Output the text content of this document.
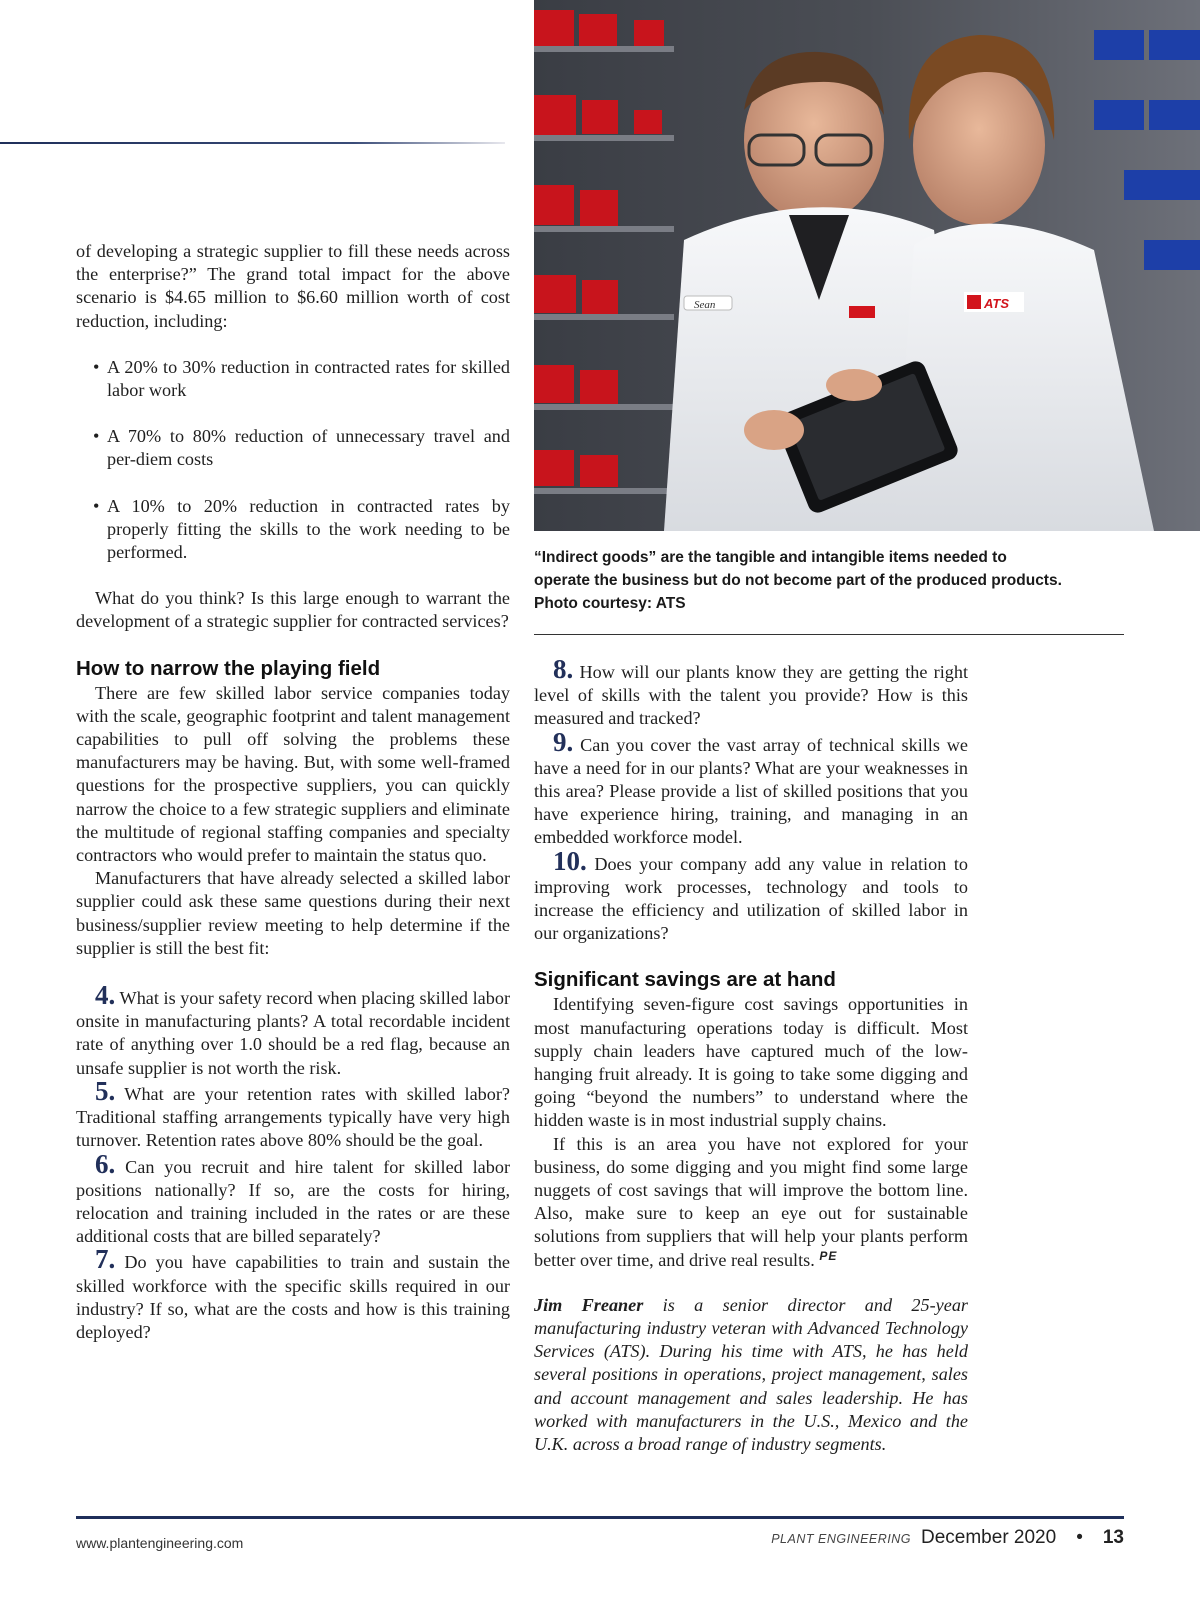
Sean	ATS
“Indirect goods” are the tangible and intangible items needed to
operate the business but do not become part of the produced products.
Photo courtesy: ATS

of developing a strategic supplier to fill these needs across the enterprise?” The grand total impact for the above scenario is $4.65 million to $6.60 million worth of cost reduction, including:

• A 20% to 30% reduction in contracted rates for skilled labor work
• A 70% to 80% reduction of unnecessary travel and per-diem costs
• A 10% to 20% reduction in contracted rates by properly fitting the skills to the work needing to be performed.

What do you think? Is this large enough to warrant the development of a strategic supplier for contracted services?

How to narrow the playing field

There are few skilled labor service companies today with the scale, geographic footprint and talent management capabilities to pull off solving the problems these manufacturers may be having. But, with some well-framed questions for the prospective suppliers, you can quickly narrow the choice to a few strategic suppliers and eliminate the multitude of regional staffing companies and specialty contractors who would prefer to maintain the status quo.

Manufacturers that have already selected a skilled labor supplier could ask these same questions during their next business/supplier review meeting to help determine if the supplier is still the best fit:

4. What is your safety record when placing skilled labor onsite in manufacturing plants? A total recordable incident rate of anything over 1.0 should be a red flag, because an unsafe supplier is not worth the risk.

5. What are your retention rates with skilled labor? Traditional staffing arrangements typically have very high turnover. Retention rates above 80% should be the goal.

6. Can you recruit and hire talent for skilled labor positions nationally? If so, are the costs for hiring, relocation and training included in the rates or are these additional costs that are billed separately?

7. Do you have capabilities to train and sustain the skilled workforce with the specific skills required in our industry? If so, what are the costs and how is this training deployed?

8. How will our plants know they are getting the right level of skills with the talent you provide? How is this measured and tracked?

9. Can you cover the vast array of technical skills we have a need for in our plants? What are your weaknesses in this area? Please provide a list of skilled positions that you have experience hiring, training, and managing in an embedded workforce model.

10. Does your company add any value in relation to improving work processes, technology and tools to increase the efficiency and utilization of skilled labor in our organizations?

Significant savings are at hand

Identifying seven-figure cost savings opportunities in most manufacturing operations today is difficult. Most supply chain leaders have captured much of the low-hanging fruit already. It is going to take some digging and going “beyond the numbers” to understand where the hidden waste is in most industrial supply chains.

If this is an area you have not explored for your business, do some digging and you might find some large nuggets of cost savings that will improve the bottom line. Also, make sure to keep an eye out for sustainable solutions from suppliers that will help your plants perform better over time, and drive real results. $^{PE}$

Jim Freaner is a senior director and 25-year manufacturing industry veteran with Advanced Technology Services (ATS). During his time with ATS, he has held several positions in operations, project management, sales and account management and sales leadership. He has worked with manufacturers in the U.S., Mexico and the U.K. across a broad range of industry segments.

www.plantengineering.com	PLANT ENGINEERING December 2020 • 13
